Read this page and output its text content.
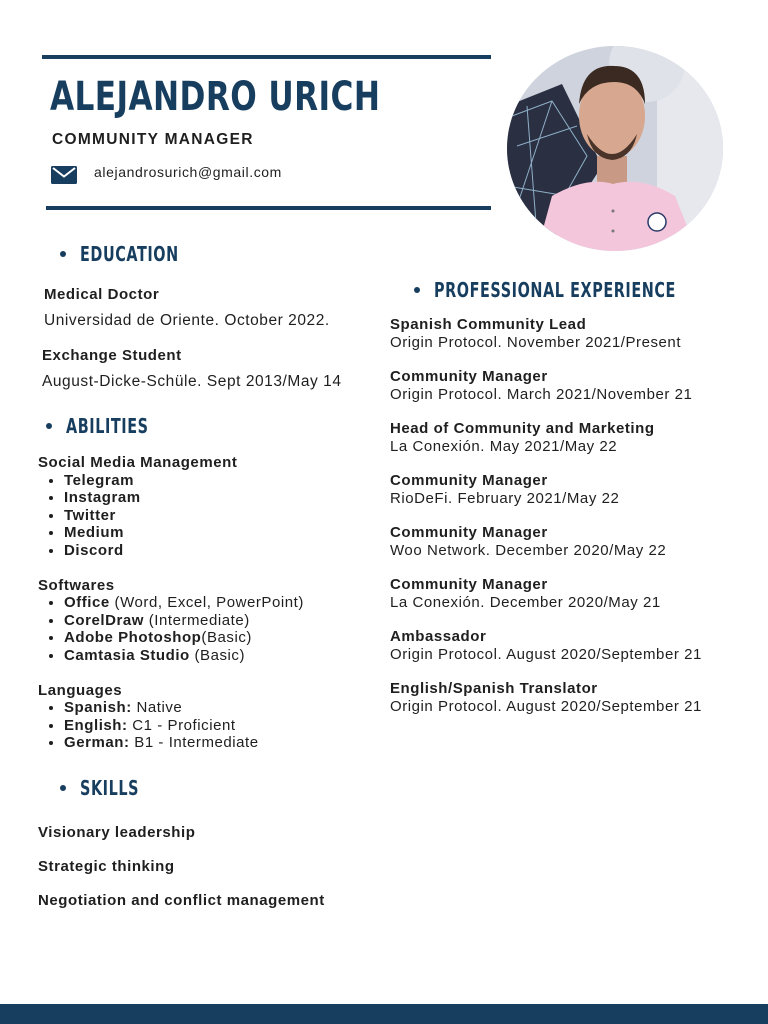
ALEJANDRO URICH
COMMUNITY MANAGER
alejandrosurich@gmail.com
EDUCATION
Medical Doctor
Universidad de Oriente. October 2022.
Exchange Student
August-Dicke-Schüle. Sept 2013/May 14
ABILITIES
Social Media Management
• Telegram
• Instagram
• Twitter
• Medium
• Discord
Softwares
• Office (Word, Excel, PowerPoint)
• CorelDraw (Intermediate)
• Adobe Photoshop(Basic)
• Camtasia Studio (Basic)
Languages
• Spanish: Native
• English: C1 - Proficient
• German: B1 - Intermediate
SKILLS
Visionary leadership
Strategic thinking
Negotiation and conflict management
PROFESSIONAL EXPERIENCE
Spanish Community Lead
Origin Protocol. November 2021/Present
Community Manager
Origin Protocol. March 2021/November 21
Head of Community and Marketing
La Conexión. May 2021/May 22
Community Manager
RioDeFi. February 2021/May 22
Community Manager
Woo Network. December 2020/May 22
Community Manager
La Conexión. December 2020/May 21
Ambassador
Origin Protocol. August 2020/September 21
English/Spanish Translator
Origin Protocol. August 2020/September 21
